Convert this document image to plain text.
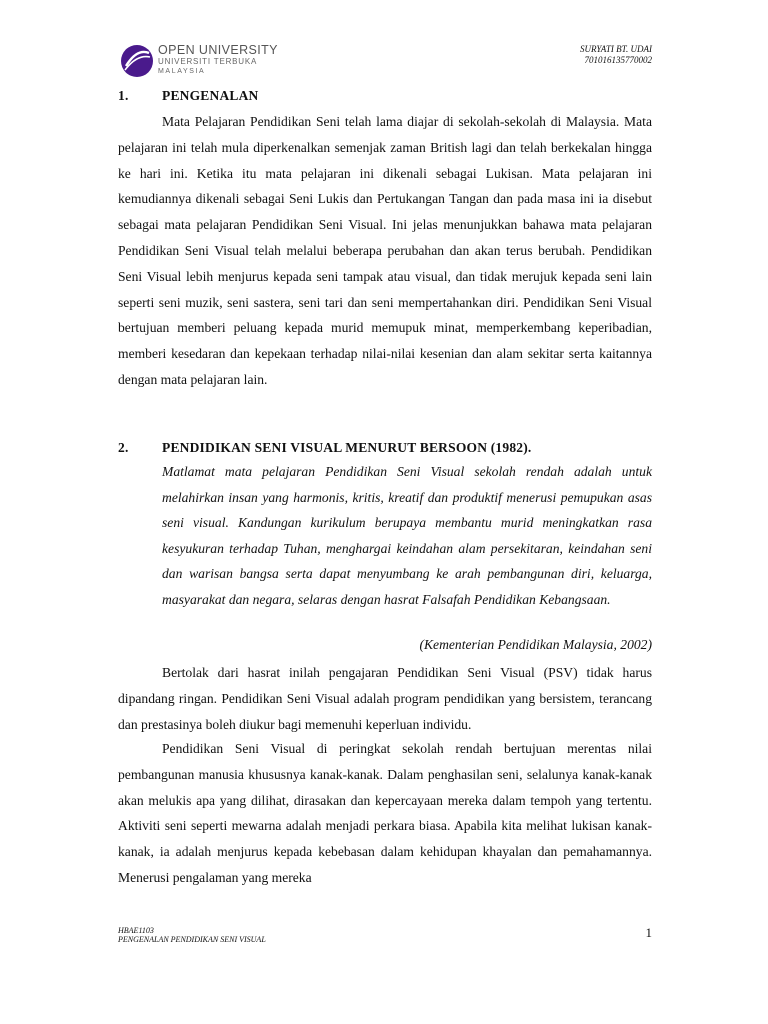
OPEN UNIVERSITY
UNIVERSITI TERBUKA
MALAYSIA
SURYATI BT. UDAI
701016135770002
1. PENGENALAN

Mata Pelajaran Pendidikan Seni telah lama diajar di sekolah-sekolah di Malaysia. Mata pelajaran ini telah mula diperkenalkan semenjak zaman British lagi dan telah berkekalan hingga ke hari ini. Ketika itu mata pelajaran ini dikenali sebagai Lukisan. Mata pelajaran ini kemudiannya dikenali sebagai Seni Lukis dan Pertukangan Tangan dan pada masa ini ia disebut sebagai mata pelajaran Pendidikan Seni Visual. Ini jelas menunjukkan bahawa mata pelajaran Pendidikan Seni Visual telah melalui beberapa perubahan dan akan terus berubah. Pendidikan Seni Visual lebih menjurus kepada seni tampak atau visual, dan tidak merujuk kepada seni lain seperti seni muzik, seni sastera, seni tari dan seni mempertahankan diri. Pendidikan Seni Visual bertujuan memberi peluang kepada murid memupuk minat, memperkembang keperibadian, memberi kesedaran dan kepekaan terhadap nilai-nilai kesenian dan alam sekitar serta kaitannya dengan mata pelajaran lain.

2. PENDIDIKAN SENI VISUAL MENURUT BERSOON (1982).
Matlamat mata pelajaran Pendidikan Seni Visual sekolah rendah adalah untuk melahirkan insan yang harmonis, kritis, kreatif dan produktif menerusi pemupukan asas seni visual. Kandungan kurikulum berupaya membantu murid meningkatkan rasa kesyukuran terhadap Tuhan, menghargai keindahan alam persekitaran, keindahan seni dan warisan bangsa serta dapat menyumbang ke arah pembangunan diri, keluarga, masyarakat dan negara, selaras dengan hasrat Falsafah Pendidikan Kebangsaan.
(Kementerian Pendidikan Malaysia, 2002)

Bertolak dari hasrat inilah pengajaran Pendidikan Seni Visual (PSV) tidak harus dipandang ringan. Pendidikan Seni Visual adalah program pendidikan yang bersistem, terancang dan prestasinya boleh diukur bagi memenuhi keperluan individu.

Pendidikan Seni Visual di peringkat sekolah rendah bertujuan merentas nilai pembangunan manusia khususnya kanak-kanak. Dalam penghasilan seni, selalunya kanak-kanak akan melukis apa yang dilihat, dirasakan dan kepercayaan mereka dalam tempoh yang tertentu. Aktiviti seni seperti mewarna adalah menjadi perkara biasa. Apabila kita melihat lukisan kanak-kanak, ia adalah menjurus kepada kebebasan dalam kehidupan khayalan dan pemahamannya. Menerusi pengalaman yang mereka

HBAE1103
PENGENALAN PENDIDIKAN SENI VISUAL	1
